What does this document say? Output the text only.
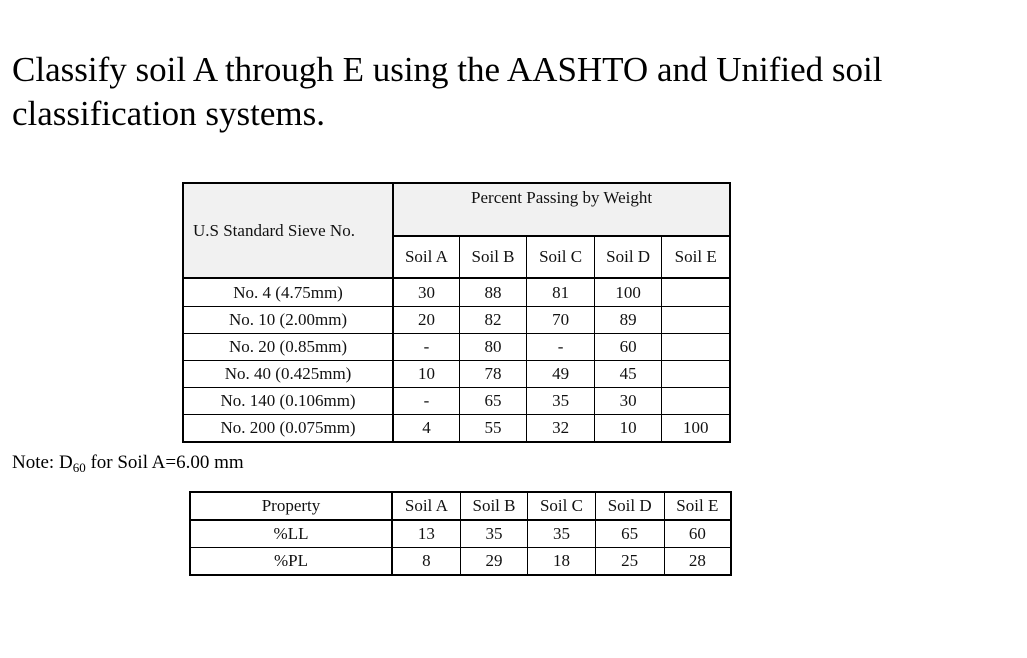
Classify soil A through E using the AASHTO and Unified soil
classification systems.
U.S Standard Sieve No.	Percent Passing by Weight				
	Soil A	Soil B	Soil C	Soil D	Soil E
No. 4 (4.75mm)	30	88	81	100	
No. 10 (2.00mm)	20	82	70	89	
No. 20 (0.85mm)	-	80	-	60	
No. 40 (0.425mm)	10	78	49	45	
No. 140 (0.106mm)	-	65	35	30	
No. 200 (0.075mm)	4	55	32	10	100
Note: $D_{60}$ for Soil A=6.00 mm
Property	Soil A	Soil B	Soil C	Soil D	Soil E
%LL	13	35	35	65	60
%PL	8	29	18	25	28
